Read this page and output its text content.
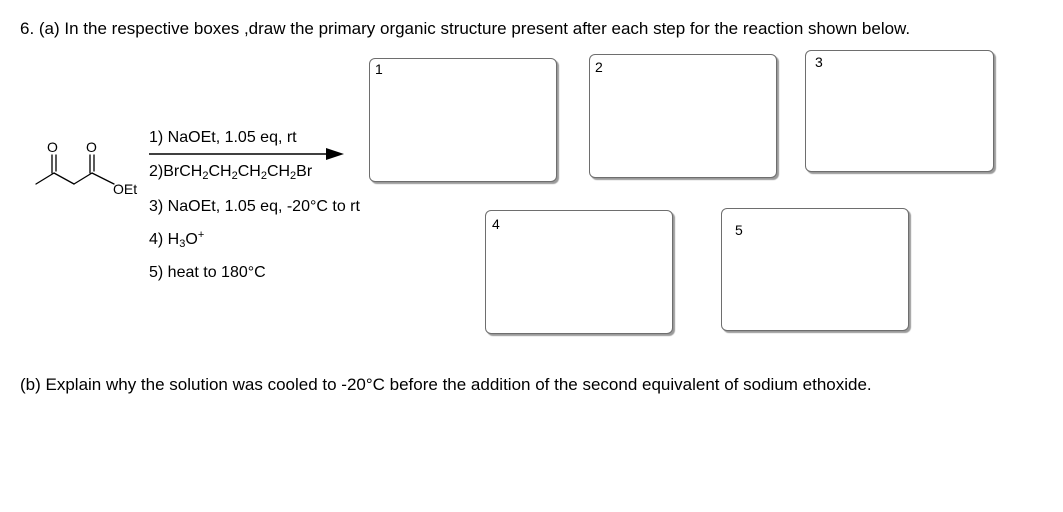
6. (a) In the respective boxes ,draw the primary organic structure present after each step for the reaction shown below.
1	2	3
4	5
O O
OEt
1) NaOEt, 1.05 eq, rt
$2)BrCH_2CH_2CH_2CH_2Br$
3) NaOEt, 1.05 eq, -20°C to rt
4) $H_3O^+$
5) heat to 180°C
(b) Explain why the solution was cooled to -20°C before the addition of the second equivalent of sodium ethoxide.
